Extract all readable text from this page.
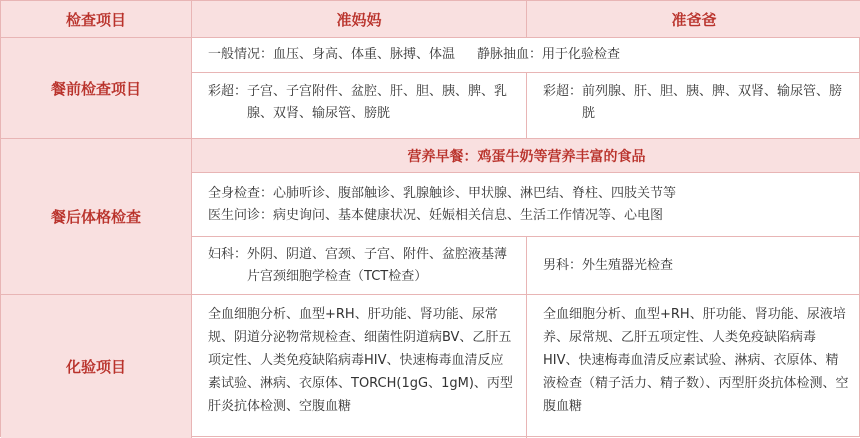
检查项目	准妈妈	准爸爸
餐前检查项目
一般情况：血压、身高、体重、脉搏、体温 静脉抽血：用于化验检查
彩超： 子宫、子宫附件、盆腔、肝、胆、胰、脾、乳腺、双肾、输尿管、膀胱
彩超： 前列腺、肝、胆、胰、脾、双肾、输尿管、膀胱
餐后体格检查
营养早餐：鸡蛋牛奶等营养丰富的食品
全身检查：心肺听诊、腹部触诊、乳腺触诊、甲状腺、淋巴结、脊柱、四肢关节等
医生问诊：病史询问、基本健康状况、妊娠相关信息、生活工作情况等、心电图
妇科： 外阴、阴道、宫颈、子宫、附件、盆腔液基薄片宫颈细胞学检查（TCT检查）
男科：外生殖器光检查
化验项目
全血细胞分析、血型+RH、肝功能、肾功能、尿常规、阴道分泌物常规检查、细菌性阴道病BV、乙肝五项定性、人类免疫缺陷病毒HIV、快速梅毒血清反应素试验、淋病、衣原体、TORCH(1gG、1gM)、丙型肝炎抗体检测、空腹血糖
全血细胞分析、血型+RH、肝功能、肾功能、尿液培养、尿常规、乙肝五项定性、人类免疫缺陷病毒HIV、快速梅毒血清反应素试验、淋病、衣原体、精液检查（精子活力、精子数）、丙型肝炎抗体检测、空腹血糖
